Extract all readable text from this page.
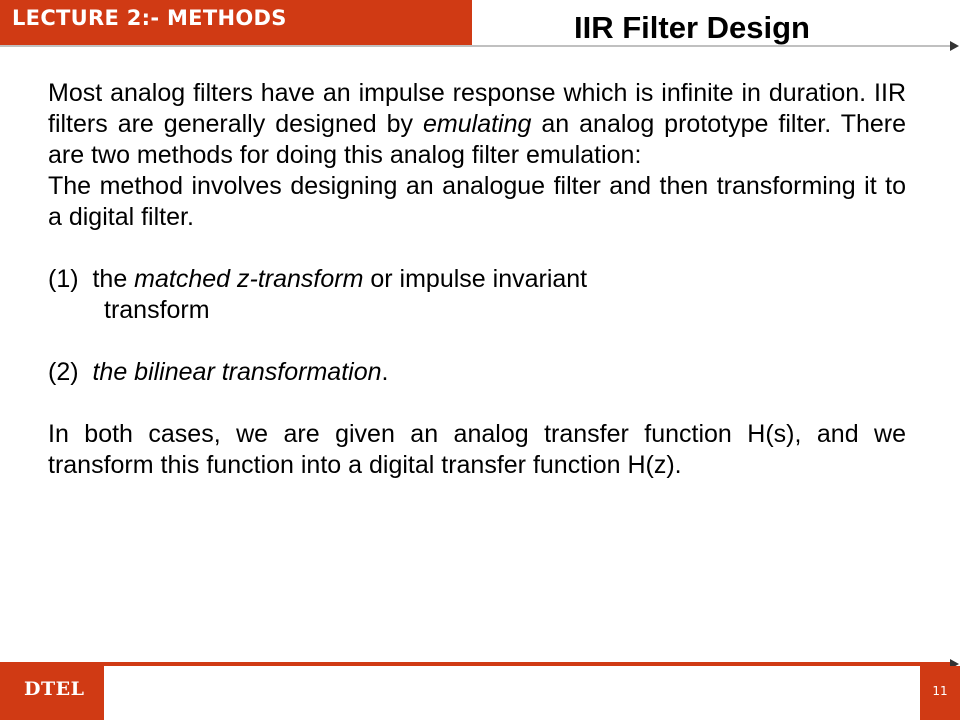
LECTURE 2:- METHODS	IIR Filter Design

Most analog filters have an impulse response which is infinite in duration. IIR filters are generally designed by emulating an analog prototype filter. There are two methods for doing this analog filter emulation:

The method involves designing an analogue filter and then transforming it to a digital filter.

(1) the matched z-transform or impulse invariant

transform

(2) the bilinear transformation.

In both cases, we are given an analog transfer function H(s), and we transform this function into a digital transfer function H(z).

DTEL	11
